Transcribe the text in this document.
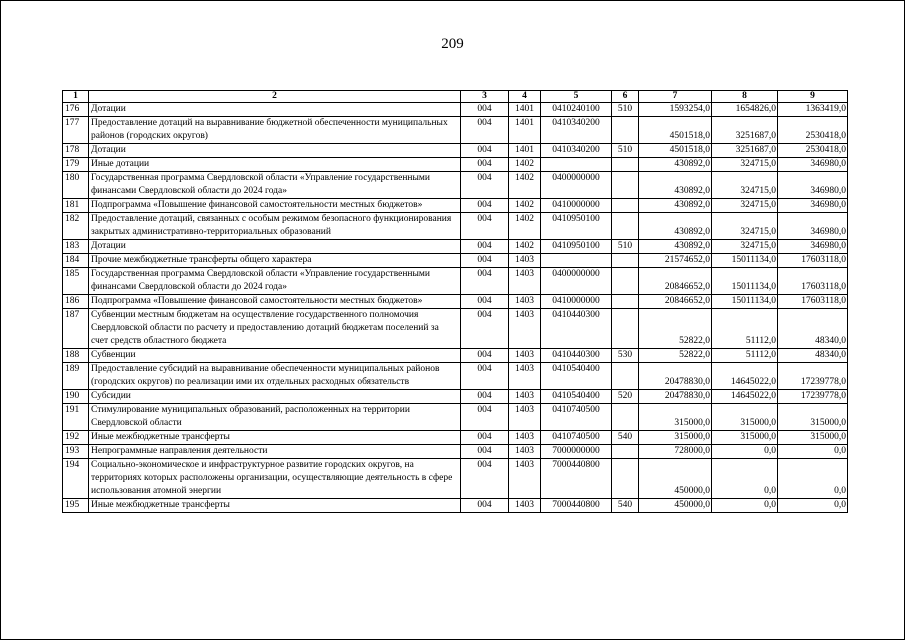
209
1	2	3	4	5	6	7	8	9
176	Дотации	004	1401	0410240100	510	1593254,0	1654826,0	1363419,0
177	Предоставление дотаций на выравнивание бюджетной обеспеченности муниципальных районов (городских округов)	004	1401	0410340200		4501518,0	3251687,0	2530418,0
178	Дотации	004	1401	0410340200	510	4501518,0	3251687,0	2530418,0
179	Иные дотации	004	1402			430892,0	324715,0	346980,0
180	Государственная программа Свердловской области «Управление государственными финансами Свердловской области до 2024 года»	004	1402	0400000000		430892,0	324715,0	346980,0
181	Подпрограмма «Повышение финансовой самостоятельности местных бюджетов»	004	1402	0410000000		430892,0	324715,0	346980,0
182	Предоставление дотаций, связанных с особым режимом безопасного функционирования закрытых административно-территориальных образований	004	1402	0410950100		430892,0	324715,0	346980,0
183	Дотации	004	1402	0410950100	510	430892,0	324715,0	346980,0
184	Прочие межбюджетные трансферты общего характера	004	1403			21574652,0	15011134,0	17603118,0
185	Государственная программа Свердловской области «Управление государственными финансами Свердловской области до 2024 года»	004	1403	0400000000		20846652,0	15011134,0	17603118,0
186	Подпрограмма «Повышение финансовой самостоятельности местных бюджетов»	004	1403	0410000000		20846652,0	15011134,0	17603118,0
187	Субвенции местным бюджетам на осуществление государственного полномочия Свердловской области по расчету и предоставлению дотаций бюджетам поселений за счет средств областного бюджета	004	1403	0410440300		52822,0	51112,0	48340,0
188	Субвенции	004	1403	0410440300	530	52822,0	51112,0	48340,0
189	Предоставление субсидий на выравнивание обеспеченности муниципальных районов (городских округов) по реализации ими их отдельных расходных обязательств	004	1403	0410540400		20478830,0	14645022,0	17239778,0
190	Субсидии	004	1403	0410540400	520	20478830,0	14645022,0	17239778,0
191	Стимулирование муниципальных образований, расположенных на территории Свердловской области	004	1403	0410740500		315000,0	315000,0	315000,0
192	Иные межбюджетные трансферты	004	1403	0410740500	540	315000,0	315000,0	315000,0
193	Непрограммные направления деятельности	004	1403	7000000000		728000,0	0,0	0,0
194	Социально-экономическое и инфраструктурное развитие городских округов, на территориях которых расположены организации, осуществляющие деятельность в сфере использования атомной энергии	004	1403	7000440800		450000,0	0,0	0,0
195	Иные межбюджетные трансферты	004	1403	7000440800	540	450000,0	0,0	0,0
